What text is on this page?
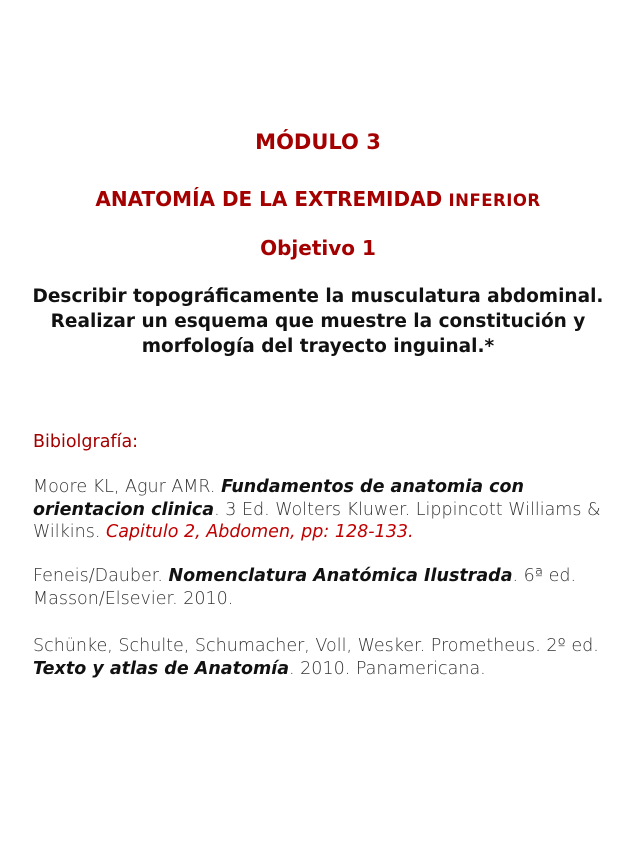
MÓDULO 3
ANATOMÍA DE LA EXTREMIDAD INFERIOR
Objetivo 1
Describir topográficamente la musculatura abdominal. Realizar un esquema que muestre la constitución y morfología del trayecto inguinal.*
Bibiolgrafía:
Moore KL, Agur AMR. Fundamentos de anatomia con orientacion clinica. 3 Ed. Wolters Kluwer. Lippincott Williams & Wilkins. Capitulo 2, Abdomen, pp: 128-133.
Feneis/Dauber. Nomenclatura Anatómica Ilustrada. 6ª ed. Masson/Elsevier. 2010.
Schünke, Schulte, Schumacher, Voll, Wesker. Prometheus. 2º ed. Texto y atlas de Anatomía. 2010. Panamericana.
